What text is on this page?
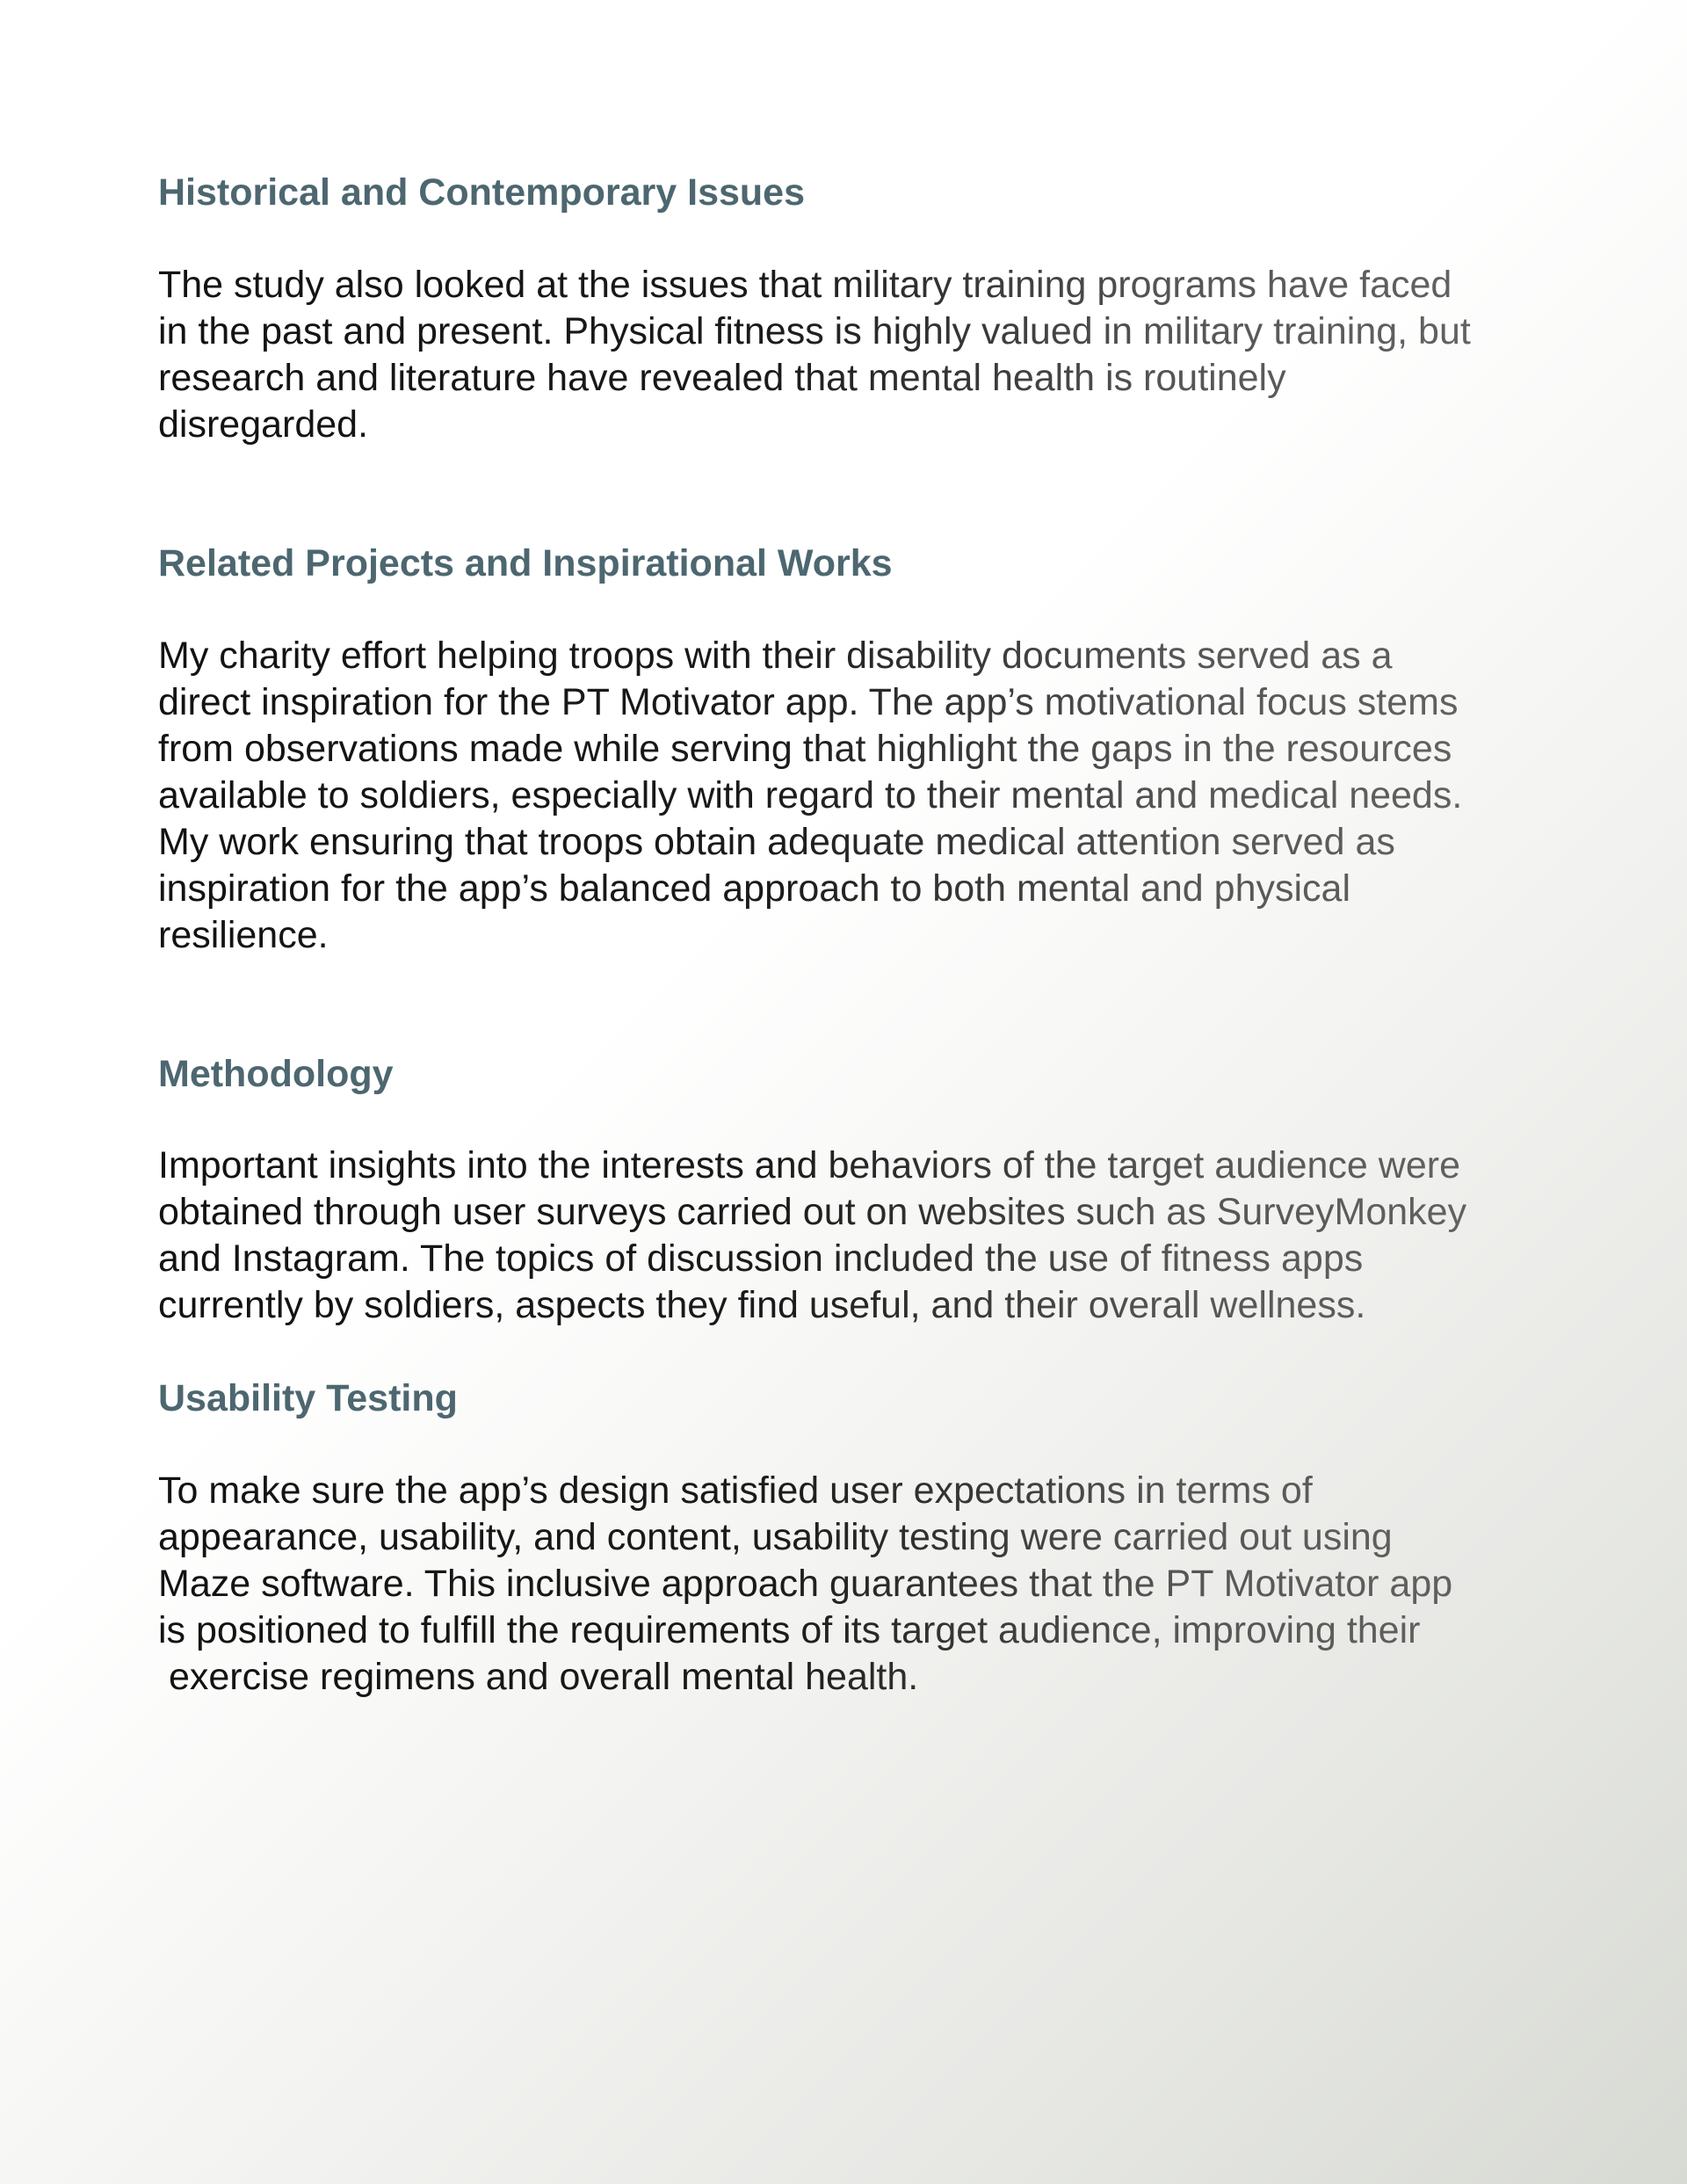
Historical and Contemporary Issues
The study also looked at the issues that military training programs have faced
in the past and present. Physical fitness is highly valued in military training, but
research and literature have revealed that mental health is routinely
disregarded.
Related Projects and Inspirational Works
My charity effort helping troops with their disability documents served as a
direct inspiration for the PT Motivator app. The app’s motivational focus stems
from observations made while serving that highlight the gaps in the resources
available to soldiers, especially with regard to their mental and medical needs.
My work ensuring that troops obtain adequate medical attention served as
inspiration for the app’s balanced approach to both mental and physical
resilience.
Methodology
Important insights into the interests and behaviors of the target audience were
obtained through user surveys carried out on websites such as SurveyMonkey
and Instagram. The topics of discussion included the use of fitness apps
currently by soldiers, aspects they find useful, and their overall wellness.
Usability Testing
To make sure the app’s design satisfied user expectations in terms of
appearance, usability, and content, usability testing were carried out using
Maze software. This inclusive approach guarantees that the PT Motivator app
is positioned to fulfill the requirements of its target audience, improving their
exercise regimens and overall mental health.
